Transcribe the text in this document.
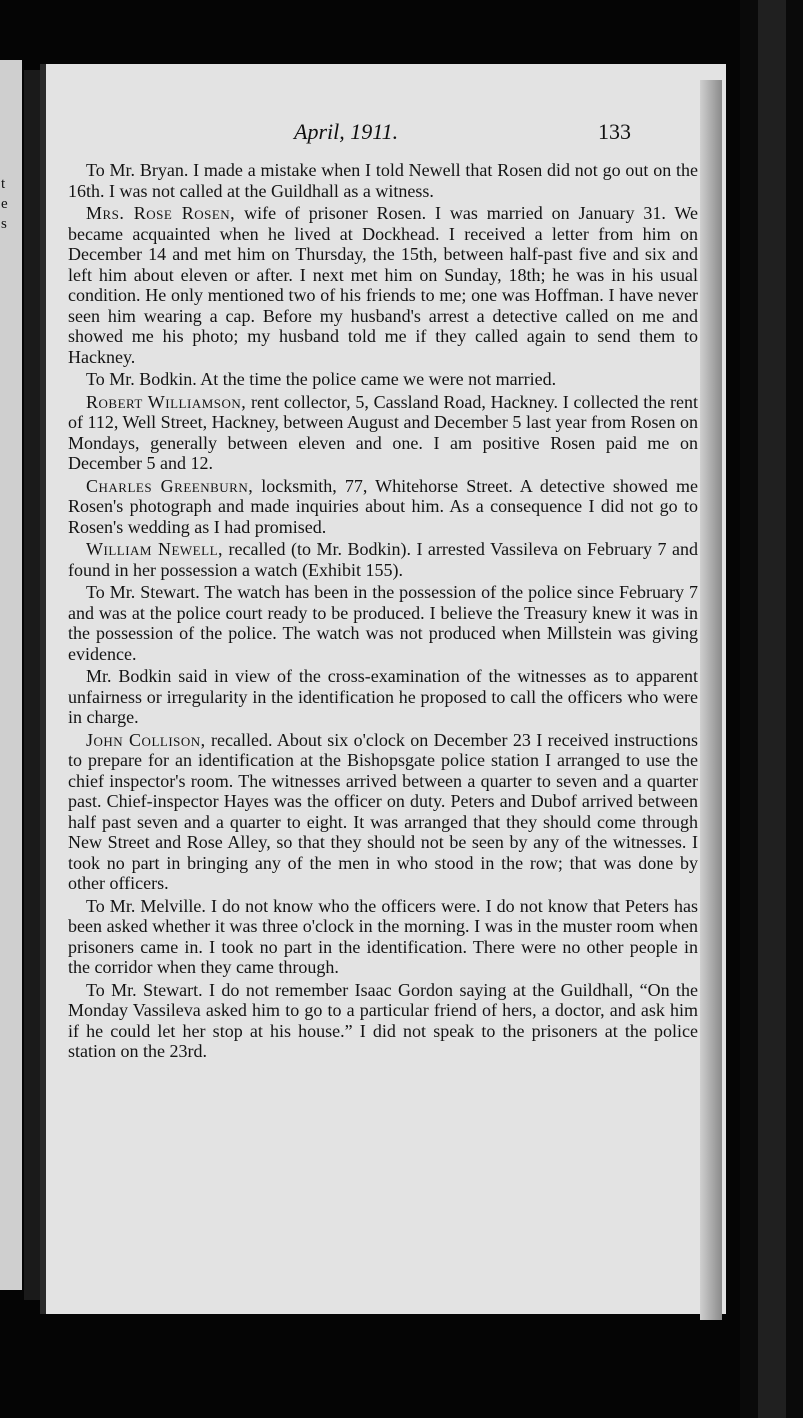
t
e
s
April, 1911.	133

To Mr. Bryan. I made a mistake when I told Newell that Rosen did not go out on the 16th. I was not called at the Guildhall as a witness.

Mrs. Rose Rosen, wife of prisoner Rosen. I was married on January 31. We became acquainted when he lived at Dockhead. I received a letter from him on December 14 and met him on Thursday, the 15th, between half-past five and six and left him about eleven or after. I next met him on Sunday, 18th; he was in his usual condition. He only mentioned two of his friends to me; one was Hoffman. I have never seen him wearing a cap. Before my husband's arrest a detective called on me and showed me his photo; my husband told me if they called again to send them to Hackney.

To Mr. Bodkin. At the time the police came we were not married.

Robert Williamson, rent collector, 5, Cassland Road, Hackney. I collected the rent of 112, Well Street, Hackney, between August and December 5 last year from Rosen on Mondays, generally between eleven and one. I am positive Rosen paid me on December 5 and 12.

Charles Greenburn, locksmith, 77, Whitehorse Street. A detective showed me Rosen's photograph and made inquiries about him. As a consequence I did not go to Rosen's wedding as I had promised.

William Newell, recalled (to Mr. Bodkin). I arrested Vassileva on February 7 and found in her possession a watch (Exhibit 155).

To Mr. Stewart. The watch has been in the possession of the police since February 7 and was at the police court ready to be produced. I believe the Treasury knew it was in the possession of the police. The watch was not produced when Millstein was giving evidence.

Mr. Bodkin said in view of the cross-examination of the witnesses as to apparent unfairness or irregularity in the identification he proposed to call the officers who were in charge.

John Collison, recalled. About six o'clock on December 23 I received instructions to prepare for an identification at the Bishopsgate police station I arranged to use the chief inspector's room. The witnesses arrived between a quarter to seven and a quarter past. Chief-inspector Hayes was the officer on duty. Peters and Dubof arrived between half past seven and a quarter to eight. It was arranged that they should come through New Street and Rose Alley, so that they should not be seen by any of the witnesses. I took no part in bringing any of the men in who stood in the row; that was done by other officers.

To Mr. Melville. I do not know who the officers were. I do not know that Peters has been asked whether it was three o'clock in the morning. I was in the muster room when prisoners came in. I took no part in the identification. There were no other people in the corridor when they came through.

To Mr. Stewart. I do not remember Isaac Gordon saying at the Guildhall, “On the Monday Vassileva asked him to go to a particular friend of hers, a doctor, and ask him if he could let her stop at his house.” I did not speak to the prisoners at the police station on the 23rd.
